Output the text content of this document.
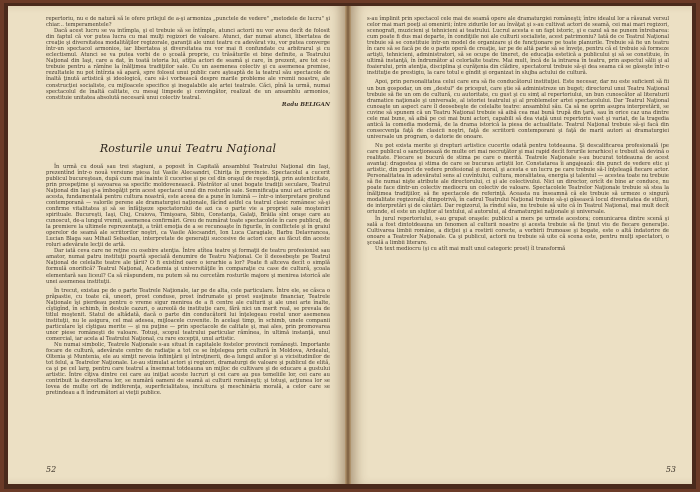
repertoriu, nu e de natură să le ofere prilejul de a-şi armoniza „punctele de vedere" „metodele de lucru" şi chiar... temperamentele?

Dacă acest lucru se va intîmpla, şi el trebuie să se întîmple, atunci actorii nu vor avea decît de folosit din faptul că vor putea lucra cu mai mulţi regizori de valoare. Atunci, dar numai atunci, libertatea de creaţie şi diversitatea modalităţilor regizorale, garanţii ale unui teatru cu adevărat viu, vor putea converge într-un spectacol armonios, iar libertatea şi diversitatea nu vor mai fi confundate cu arbitrarul şi cu eclectismul. Atunci se va putea vorbi de o şcoală proprie, cu trăsăturile ei bine definite, a Teatrului Naţional din Iaşi, care a dat, în toată istoria lui, atîţia actori de seamă şi care, în prezent, are tot ce-i trebuie pentru a rămîne la înălţimea tradiţiilor sale. Cu un asemenea colectiv şi cu asemenea premise, rezultatele nu pot întîrzia să apară, spre folosul unui public care aşteaptă de la teatrul său spectacole de înaltă ţinută artistică şi ideologică, care să-i vorbească despre marile probleme ale vremii noastre, ale construcţiei socialiste, cu mijloacele specifice şi inegalabile ale artei teatrale. Căci, pînă la urmă, numai spectacolul de înaltă calitate, cu mesaj limpede şi convingător, realizat de un ansamblu armonios, constituie unitatea absolută necesară unui colectiv teatral.

Radu BELIGAN
Rosturile unui Teatru Naţional

În urmă cu două sau trei stagiuni, a poposit în Capitală ansamblul Teatrului Naţional din Iaşi, prezentînd într-o nouă versiune piesa lui Vasile Alecsandri, Chiriţa în provincie. Spectacolul a cucerit publicul bucureştean, după cum mai înainte îl cucerise şi pe cel din oraşul de reşedinţă, prin autenticitate, prin prospeţime şi savoarea sa specific moldovenească. Păstrător al unei bogate tradiţii seculare, Teatrul Naţional din Iaşi şi-a îmbogăţit prin acest spectacol unul din rosturile sale. Semnificaţia unui act artistic ca acesta, fundamentală pentru cultura noastră, este aceea de a pune în lumină — într-o interpretare profund contemporană — valorile perene ale dramaturgiei naţionale, făcînd astfel ca teatrul clasic românesc să-şi confirme vitalitatea şi să se înfăţişeze spectatorului de azi ca o parte vie a propriei sale moşteniri spirituale. Bucureşti, Iaşi, Cluj, Craiova, Timişoara, Sibiu, Constanţa, Galaţi, Brăila sînt oraşe care au cunoscut, de-a lungul vremii, asemenea confirmări. Greu de numărat toate spectacolele în care publicul, de la premiere la ultimele reprezentaţii, a trăit emoţia de a se recunoaşte în figurile, în conflictele şi în graiul operelor de seamă ale scriitorilor noştri, ca Vasile Alecsandri, Ion Luca Caragiale, Barbu Delavrancea, Lucian Blaga sau Mihail Sebastian, interpretate de generaţii succesive de actori care au făcut din aceste roluri adevărate lecţii de artă.

Dar iată ceva care ne reţine cu osebire atenţia. Între atîtea teatre şi formaţii de teatru profesionist sau amator, numai patru instituţii poartă specială denumire de Teatru Naţional. Ce îl deosebeşte pe Teatrul Naţional de celelalte teatre ale ţării? O fi existînd oare o ierarhie a lor? Poate fi altceva decît o simplă formulă onorifică? Teatrul Naţional, Academia şi universităţile în comparaţie cu case de cultură, şcoala elementară sau liceul? Ca să răspundem, nu putem să nu cercetăm rosturile majore şi menirea istorică ale unei asemenea instituţii.

În trecut, existau pe de o parte Teatrele Naţionale, iar pe de alta, cele particulare. Între ele, se căsca o prăpastie, cu toate că, uneori, prost conduse, prost îndrumate şi prost susţinute financiar, Teatrele Naţionale îşi pierdeau pentru o vreme sigur menirea de a fi centre ale culturii şi ale unei arte înalte, cîştigînd, în schimb, în destule cazuri, o aureolă de instituţie care, fără nici un merit real, se prevala de titlul moştenit. Statul de altădată, dacă o parte din conducătorii lui înţelegeau rostul unor asemenea instituţii, nu le asigura, cel mai adesea, mijloacele cuvenite. În acelaşi timp, în schimb, unele companii particulare îşi cîştigau merite — şi nu puţine — prin spectacole de calitate şi, mai ales, prin promovarea unor piese româneşti de valoare. Totuşi, scopul teatrului particular rămînea, în ultimă instanţă, unul comercial, iar acela al Teatrului Naţional, cu rare excepţii, unul artistic.

Nu numai simbolic, Teatrele Naţionale s-au situat în capitalele fostelor provincii româneşti. Importante focare de cultură, adevărate centre de radiaţie a tot ce se înţelegea prin cultură în Moldova, Ardealul, Oltenia şi Muntenia, ele au simţit nevoia înfiinţării şi întreţinerii, de-a lungul anilor şi a vicisitudinilor de tot felul, a Teatrelor Naţionale. Le-au stimulat actori şi regizori, dramaturgi de valoare şi publicul de elită, ca şi pe cel larg, pentru care teatrul a însemnat totdeauna un mijloc de cultivare şi de educare a gustului artistic. Între cîţiva dintre cei care au iniţiat aceste lucruri şi cei care au pus temeliile lor, cei care au contribuit la dezvoltarea lor, se numără oameni de seamă ai culturii româneşti; şi totuşi, acţiunea lor se lovea de multe ori de indiferenţa, superficialitatea, incultura şi meschinăria morală, a celor care se pretindeau a fi îndrumători ai vieţii publice.

52

s-au împlinit prin spectacol cele mai de seamă opere ale dramaturgiei româneşti; între idealul lor a răsunat versul celor mai mari poeţi ai omenirii; între zidurile lor au învăţat şi s-au cultivat actori de seamă, cei mai mari regizori, scenografi, muzicieni şi tehnicieni ai teatrului. Lucrul acesta e un fapt istoric, şi e cazul să ne punem întrebarea: cum poate fi dus mai departe, în condiţiile noi ale culturii socialiste, acest patrimoniu? Iată de ce Teatrul Naţional trebuie să se constituie într-un model de organizare şi de funcţionare pe toate planurile. Trebuie să fie un teatru în care să se facă pe de o parte operă de creaţie, iar pe de altă parte să se înveţe, pentru că el trebuie să formeze artişti, tehnicieni, administratori, să se ocupe de tineret, de educaţia estetică a publicului şi să se constituie, în ultimă instanţă, în îndrumător al celorlalte teatre. Mai mult, încă de la intrarea în teatru, prin aspectul sălii şi al foaierului, prin atenţia, disciplina şi curăţenia din clădire, spectatorul trebuie să-şi dea seama că se găseşte într-o instituţie de prestigiu, la care totul e gîndit şi organizat în slujba actului de cultură.

Apoi, prin personalitatea celui care era să fie conducătorul instituţiei. Este necesar, dar nu este suficient să fii un bun gospodar, un om „destul" de priceput, care ştie să administreze un buget; directorul unui Teatru Naţional trebuie să fie un om de cultură, cu autoritate, cu gust şi cu simţ al repertoriului, un bun cunoscător al literaturii dramatice naţionale şi universale, al istoriei teatrului şi al problemelor artei spectacolului. Dar Teatrul Naţional cunoaşte un aspect care îl deosebeşte de celelalte teatre: ansamblul său. Ca să ne oprim asupra interpretării, se cuvine să spunem că un Teatru Naţional trebuie să aibă cea mai bună trupă din ţară, sau în orice caz una dintre cele mai bune, să aibă pe cei mai buni actori, capabili să dea viaţă unui repertoriu vast şi variat, de la tragedia antică la comedia modernă, de la drama istorică la piesa de actualitate. Teatrul Naţional trebuie să-şi facă din consecvenţa faţă de clasicii noştri, faţă de scriitorii contemporani şi faţă de marii autori ai dramaturgiei universale un program, o datorie de onoare.

Nu pot exista merite şi drepturi artistice cucerite odată pentru totdeauna. Şi descalificarea profesională (pe care publicul o sancţionează de multe ori mai necruţător şi mai rapid decît forurile ierarhice) e trebuit să devină o realitate. Fiecare se bucură de stima pe care o merită. Teatrele Naţionale s-au bucurat totdeauna de acest avantaj: dragostea şi stima de care se bucurau artiştii lor. Constatarea îi angajează: din punct de vedere etic şi artistic, din punct de vedere profesional şi moral, şi acesta e un lucru pe care trebuie să-l înţeleagă fiecare actor. Personalitatea în adevăratul sens al cuvîntului, cultura, moralitatea, energia şi talentul — acestea toate nu trebuie să fie numai nişte atribute ale directorului, ci şi ale colectivului. Nici un director, oricît de bine ar conduce, nu poate face dintr-un colectiv mediocru un colectiv de valoare. Spectacolele Teatrelor Naţionale trebuie să stea la înălţimea tradiţiilor, să fie spectacole de referinţă. Aceasta nu înseamnă că ele trebuie să urmeze o singură modalitate regizorală; dimpotrivă, în cadrul Teatrului Naţional trebuie să-şi găsească locul diversitatea de stiluri, de interpretări şi de căutări. Dar regizorul, la rîndul său, nu trebuie să uite că în Teatrul Naţional, mai mult decît oriunde, el este un slujitor al textului, al autorului, al dramaturgiei naţionale şi universale.

În jurul repertoriului, s-au grupat oraşele: publicul a mers pe urmele acestora; comunicarea dintre scenă şi sală a fost dintotdeauna un fenomen al culturii noastre şi acesta trebuie să fie ţinut viu de fiecare generaţie. Cultivarea limbii române, a dicţiei şi a rostirii corecte, a vorbirii frumoase şi bogate, este o altă îndatorire de onoare a Teatrelor Naţionale. Ca şi publicul, actorii nu trebuie să uite că scena este, pentru mulţi spectatori, o şcoală a limbii literare.

Un text mediocru (şi cu atît mai mult unul categoric prost) îl transformă

53
